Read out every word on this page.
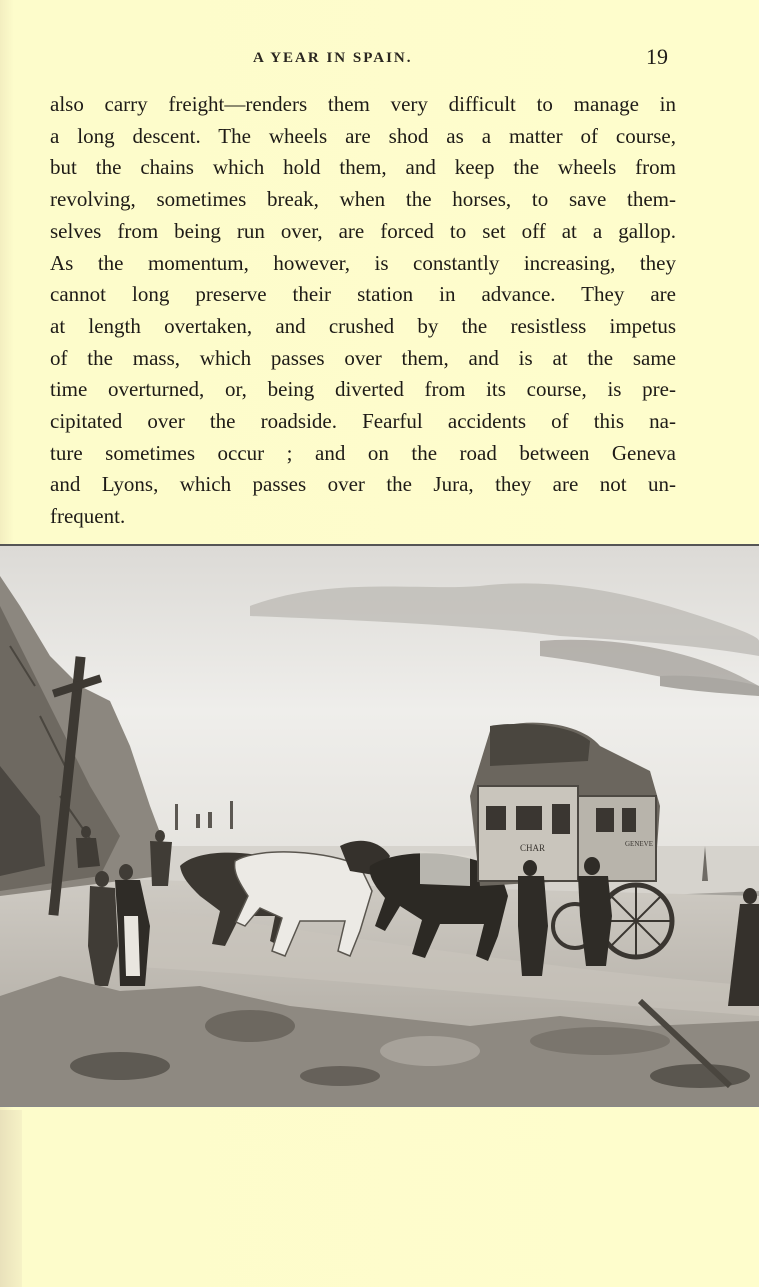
A YEAR IN SPAIN.	19

also carry freight—renders them very difficult to manage in
a long descent. The wheels are shod as a matter of course,
but the chains which hold them, and keep the wheels from
revolving, sometimes break, when the horses, to save them-
selves from being run over, are forced to set off at a gallop.
As the momentum, however, is constantly increasing, they
cannot long preserve their station in advance. They are
at length overtaken, and crushed by the resistless impetus
of the mass, which passes over them, and is at the same
time overturned, or, being diverted from its course, is pre-
cipitated over the roadside. Fearful accidents of this na-
ture sometimes occur ; and on the road between Geneva
and Lyons, which passes over the Jura, they are not un-
frequent.

CHAR	GENEVE
